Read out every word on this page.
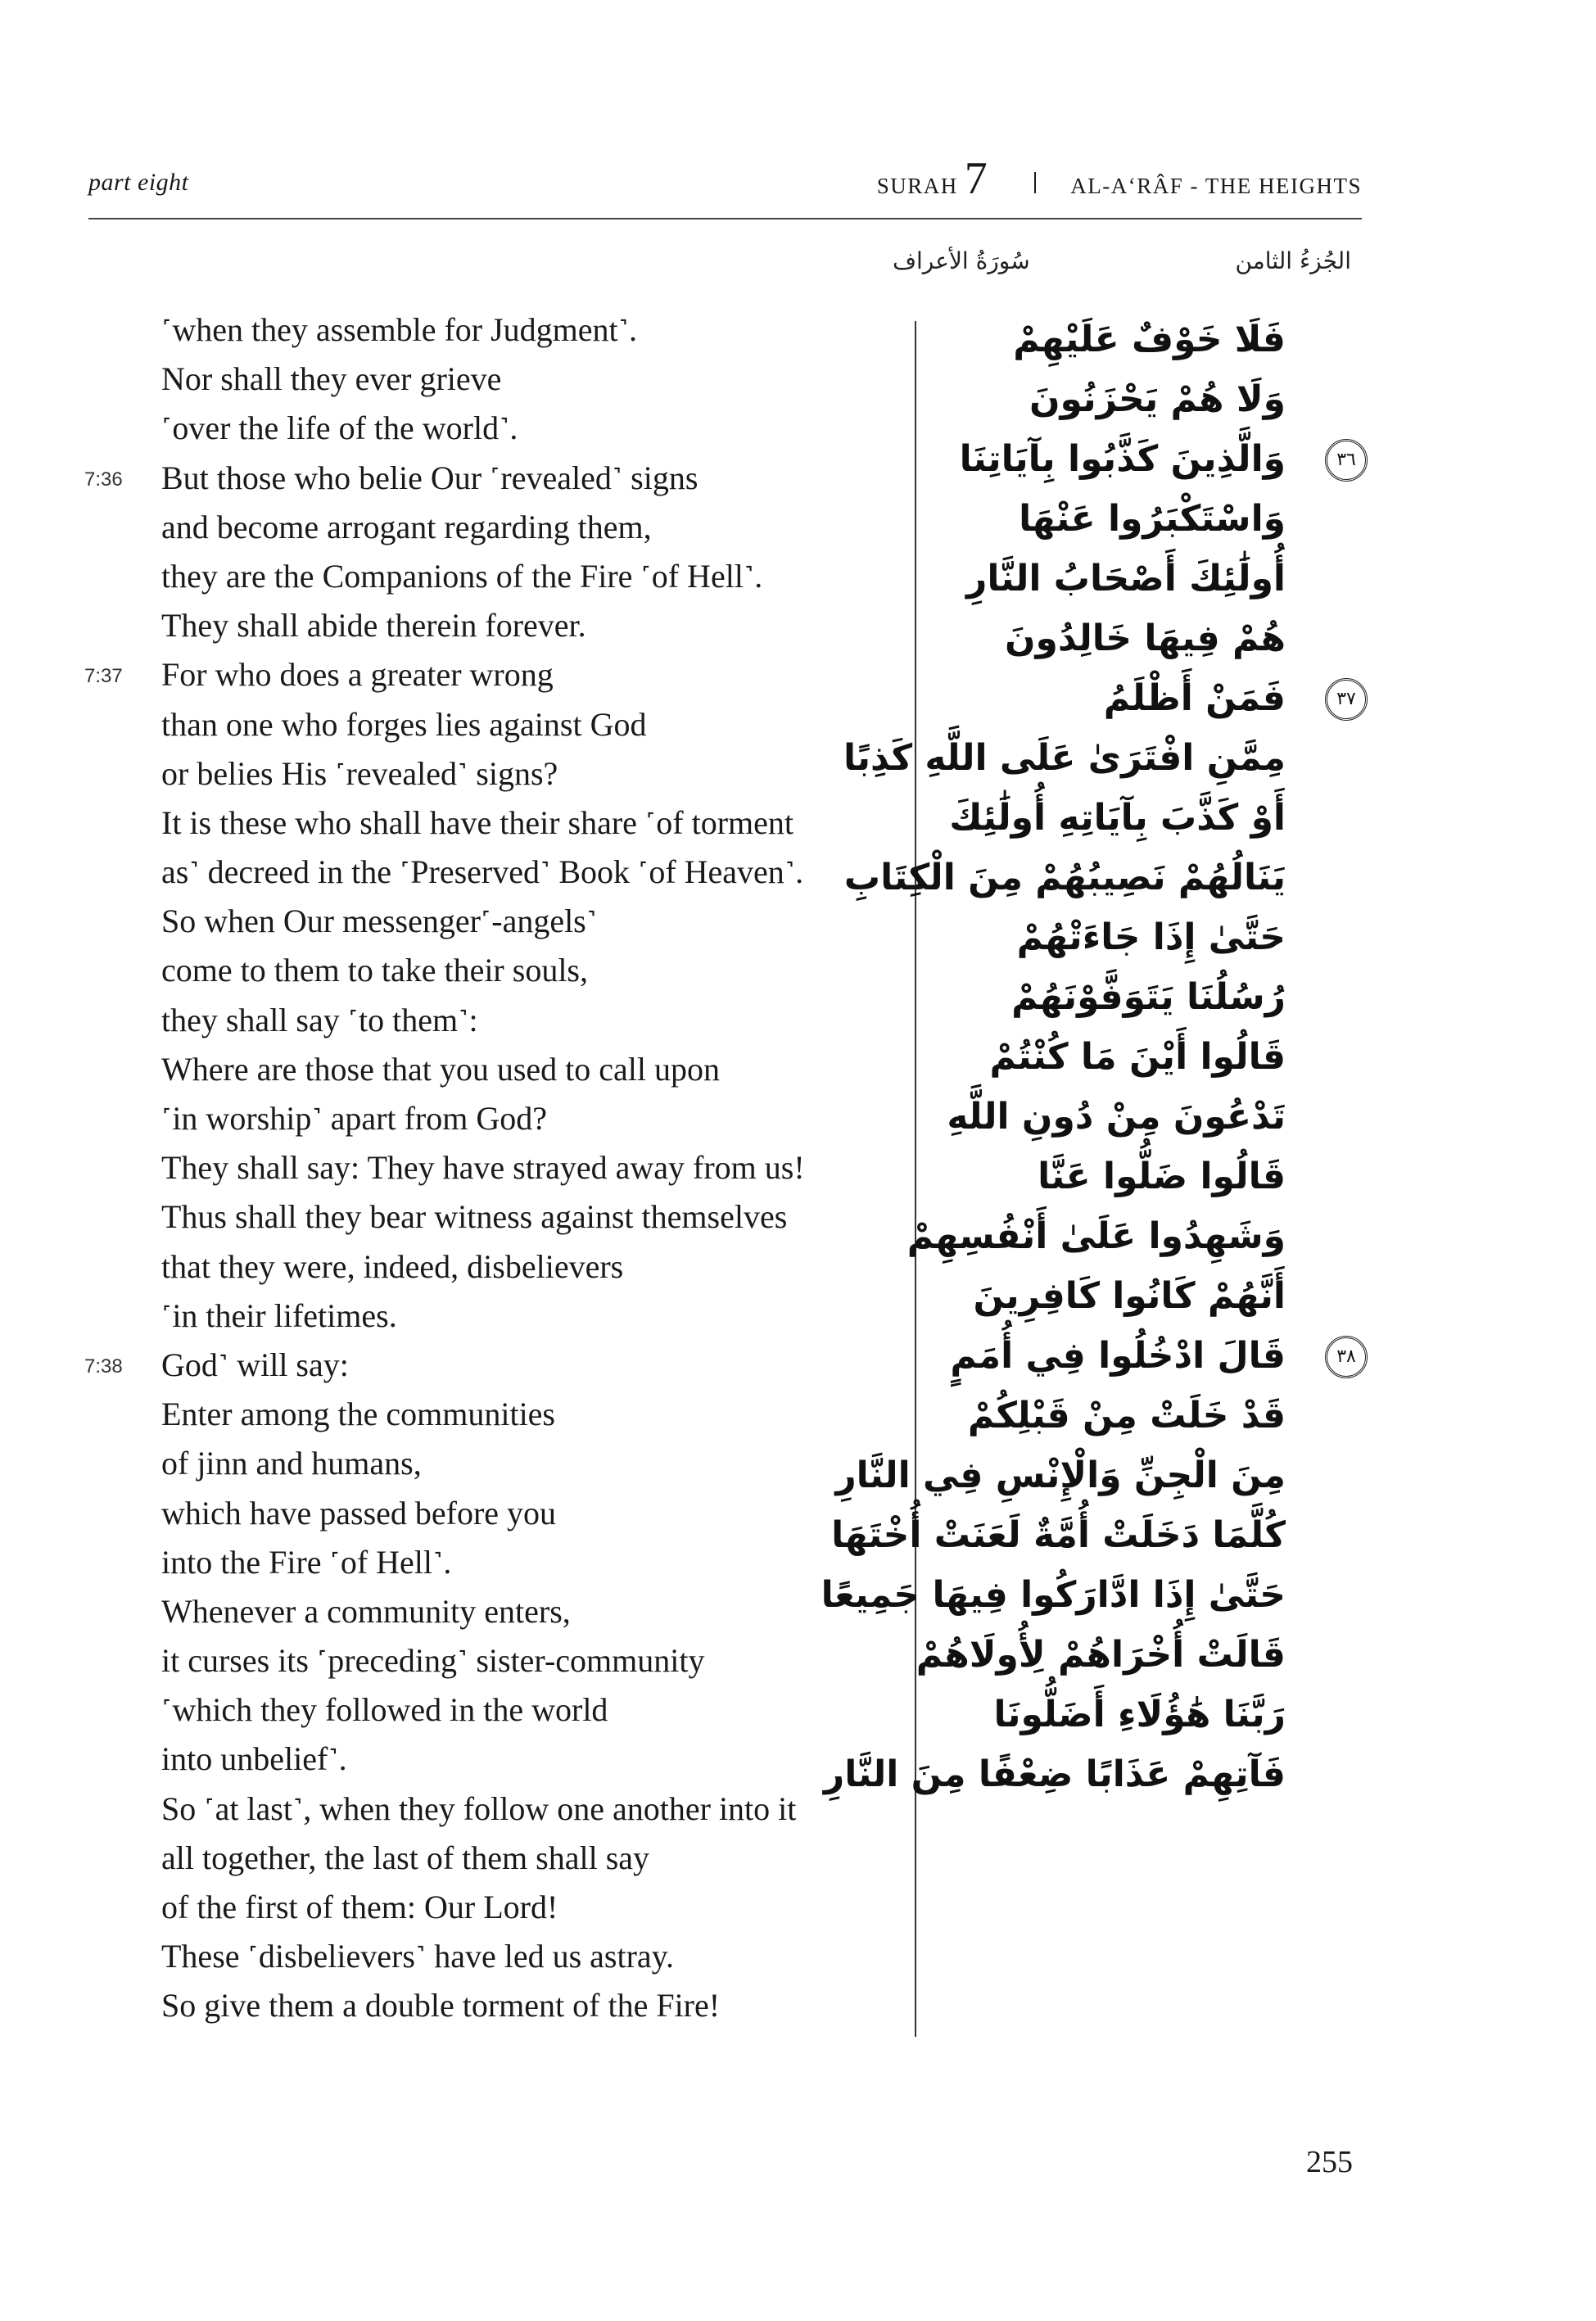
part eight	SURAH 7	AL-A‘RÂF - THE HEIGHTS
الجُزءُ الثامن
سُورَةُ الأعراف
˹when they assemble for Judgment˺.
Nor shall they ever grieve
˹over the life of the world˺.
7:36 But those who belie Our ˹revealed˺ signs
and become arrogant regarding them,
they are the Companions of the Fire ˹of Hell˺.
They shall abide therein forever.
7:37 For who does a greater wrong
than one who forges lies against God
or belies His ˹revealed˺ signs?
It is these who shall have their share ˹of torment
as˺ decreed in the ˹Preserved˺ Book ˹of Heaven˺.
So when Our messenger˹-angels˺
come to them to take their souls,
they shall say ˹to them˺:
Where are those that you used to call upon
˹in worship˺ apart from God?
They shall say: They have strayed away from us!
Thus shall they bear witness against themselves
that they were, indeed, disbelievers
˹in their lifetimes.
7:38 God˺ will say:
Enter among the communities
of jinn and humans,
which have passed before you
into the Fire ˹of Hell˺.
Whenever a community enters,
it curses its ˹preceding˺ sister-community
˹which they followed in the world
into unbelief˺.
So ˹at last˺, when they follow one another into it
all together, the last of them shall say
of the first of them: Our Lord!
These ˹disbelievers˺ have led us astray.
So give them a double torment of the Fire!
فَلَا خَوْفٌ عَلَيْهِمْ
وَلَا هُمْ يَحْزَنُونَ
٣٦
وَالَّذِينَ كَذَّبُوا بِآيَاتِنَا
وَاسْتَكْبَرُوا عَنْهَا
أُولَٰئِكَ أَصْحَابُ النَّارِ
هُمْ فِيهَا خَالِدُونَ
٣٧
فَمَنْ أَظْلَمُ
مِمَّنِ افْتَرَىٰ عَلَى اللَّهِ كَذِبًا
أَوْ كَذَّبَ بِآيَاتِهِ أُولَٰئِكَ
يَنَالُهُمْ نَصِيبُهُمْ مِنَ الْكِتَابِ
حَتَّىٰ إِذَا جَاءَتْهُمْ
رُسُلُنَا يَتَوَفَّوْنَهُمْ
قَالُوا أَيْنَ مَا كُنْتُمْ
تَدْعُونَ مِنْ دُونِ اللَّهِ
قَالُوا ضَلُّوا عَنَّا
وَشَهِدُوا عَلَىٰ أَنْفُسِهِمْ
أَنَّهُمْ كَانُوا كَافِرِينَ
٣٨
قَالَ ادْخُلُوا فِي أُمَمٍ
قَدْ خَلَتْ مِنْ قَبْلِكُمْ
مِنَ الْجِنِّ وَالْإِنْسِ فِي النَّارِ
كُلَّمَا دَخَلَتْ أُمَّةٌ لَعَنَتْ أُخْتَهَا
حَتَّىٰ إِذَا ادَّارَكُوا فِيهَا جَمِيعًا
قَالَتْ أُخْرَاهُمْ لِأُولَاهُمْ
رَبَّنَا هَٰؤُلَاءِ أَضَلُّونَا
فَآتِهِمْ عَذَابًا ضِعْفًا مِنَ النَّارِ
255
